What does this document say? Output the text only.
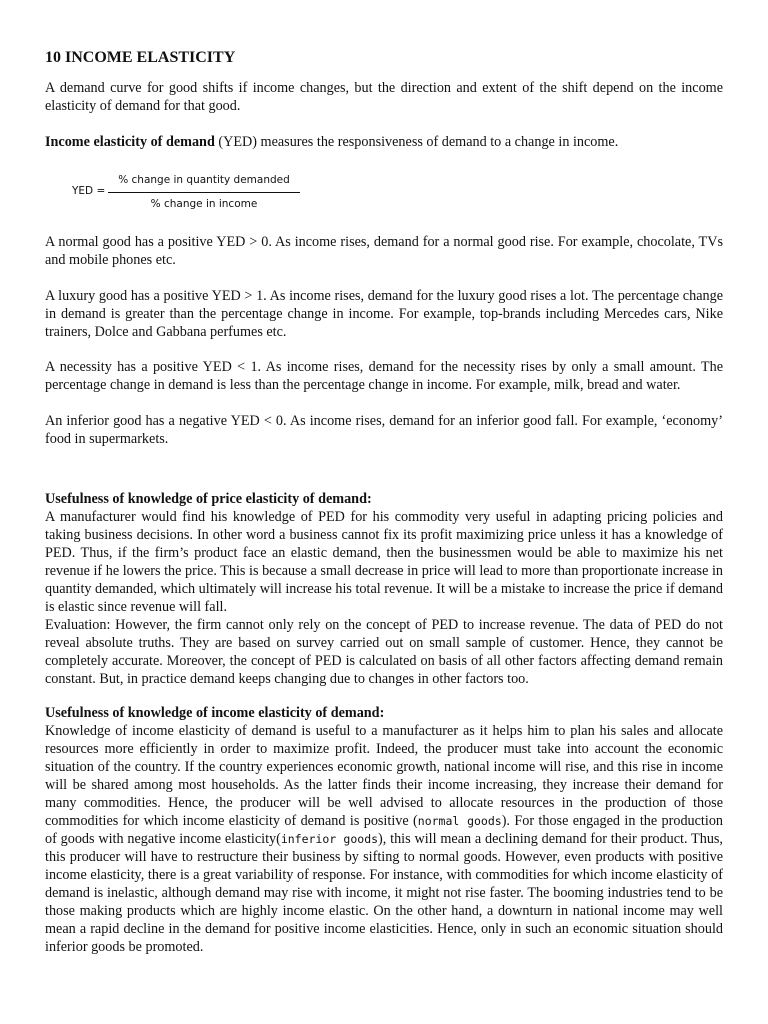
10 INCOME ELASTICITY

A demand curve for good shifts if income changes, but the direction and extent of the shift depend on the income elasticity of demand for that good.

Income elasticity of demand (YED) measures the responsiveness of demand to a change in income.

YED =
% change in quantity demanded
% change in income

A normal good has a positive YED > 0. As income rises, demand for a normal good rise. For example, chocolate, TVs and mobile phones etc.

A luxury good has a positive YED > 1. As income rises, demand for the luxury good rises a lot. The percentage change in demand is greater than the percentage change in income. For example, top-brands including Mercedes cars, Nike trainers, Dolce and Gabbana perfumes etc.

A necessity has a positive YED < 1. As income rises, demand for the necessity rises by only a small amount. The percentage change in demand is less than the percentage change in income. For example, milk, bread and water.

An inferior good has a negative YED < 0. As income rises, demand for an inferior good fall. For example, ‘economy’ food in supermarkets.

Usefulness of knowledge of price elasticity of demand:
A manufacturer would find his knowledge of PED for his commodity very useful in adapting pricing policies and taking business decisions. In other word a business cannot fix its profit maximizing price unless it has a knowledge of PED. Thus, if the firm’s product face an elastic demand, then the businessmen would be able to maximize his net revenue if he lowers the price. This is because a small decrease in price will lead to more than proportionate increase in quantity demanded, which ultimately will increase his total revenue. It will be a mistake to increase the price if demand is elastic since revenue will fall.
Evaluation: However, the firm cannot only rely on the concept of PED to increase revenue. The data of PED do not reveal absolute truths. They are based on survey carried out on small sample of customer. Hence, they cannot be completely accurate. Moreover, the concept of PED is calculated on basis of all other factors affecting demand remain constant. But, in practice demand keeps changing due to changes in other factors too.

Usefulness of knowledge of income elasticity of demand:
Knowledge of income elasticity of demand is useful to a manufacturer as it helps him to plan his sales and allocate resources more efficiently in order to maximize profit. Indeed, the producer must take into account the economic situation of the country. If the country experiences economic growth, national income will rise, and this rise in income will be shared among most households. As the latter finds their income increasing, they increase their demand for many commodities. Hence, the producer will be well advised to allocate resources in the production of those commodities for which income elasticity of demand is positive (normal goods). For those engaged in the production of goods with negative income elasticity(inferior goods), this will mean a declining demand for their product. Thus, this producer will have to restructure their business by sifting to normal goods. However, even products with positive income elasticity, there is a great variability of response. For instance, with commodities for which income elasticity of demand is inelastic, although demand may rise with income, it might not rise faster. The booming industries tend to be those making products which are highly income elastic. On the other hand, a downturn in national income may well mean a rapid decline in the demand for positive income elasticities. Hence, only in such an economic situation should inferior goods be promoted.
